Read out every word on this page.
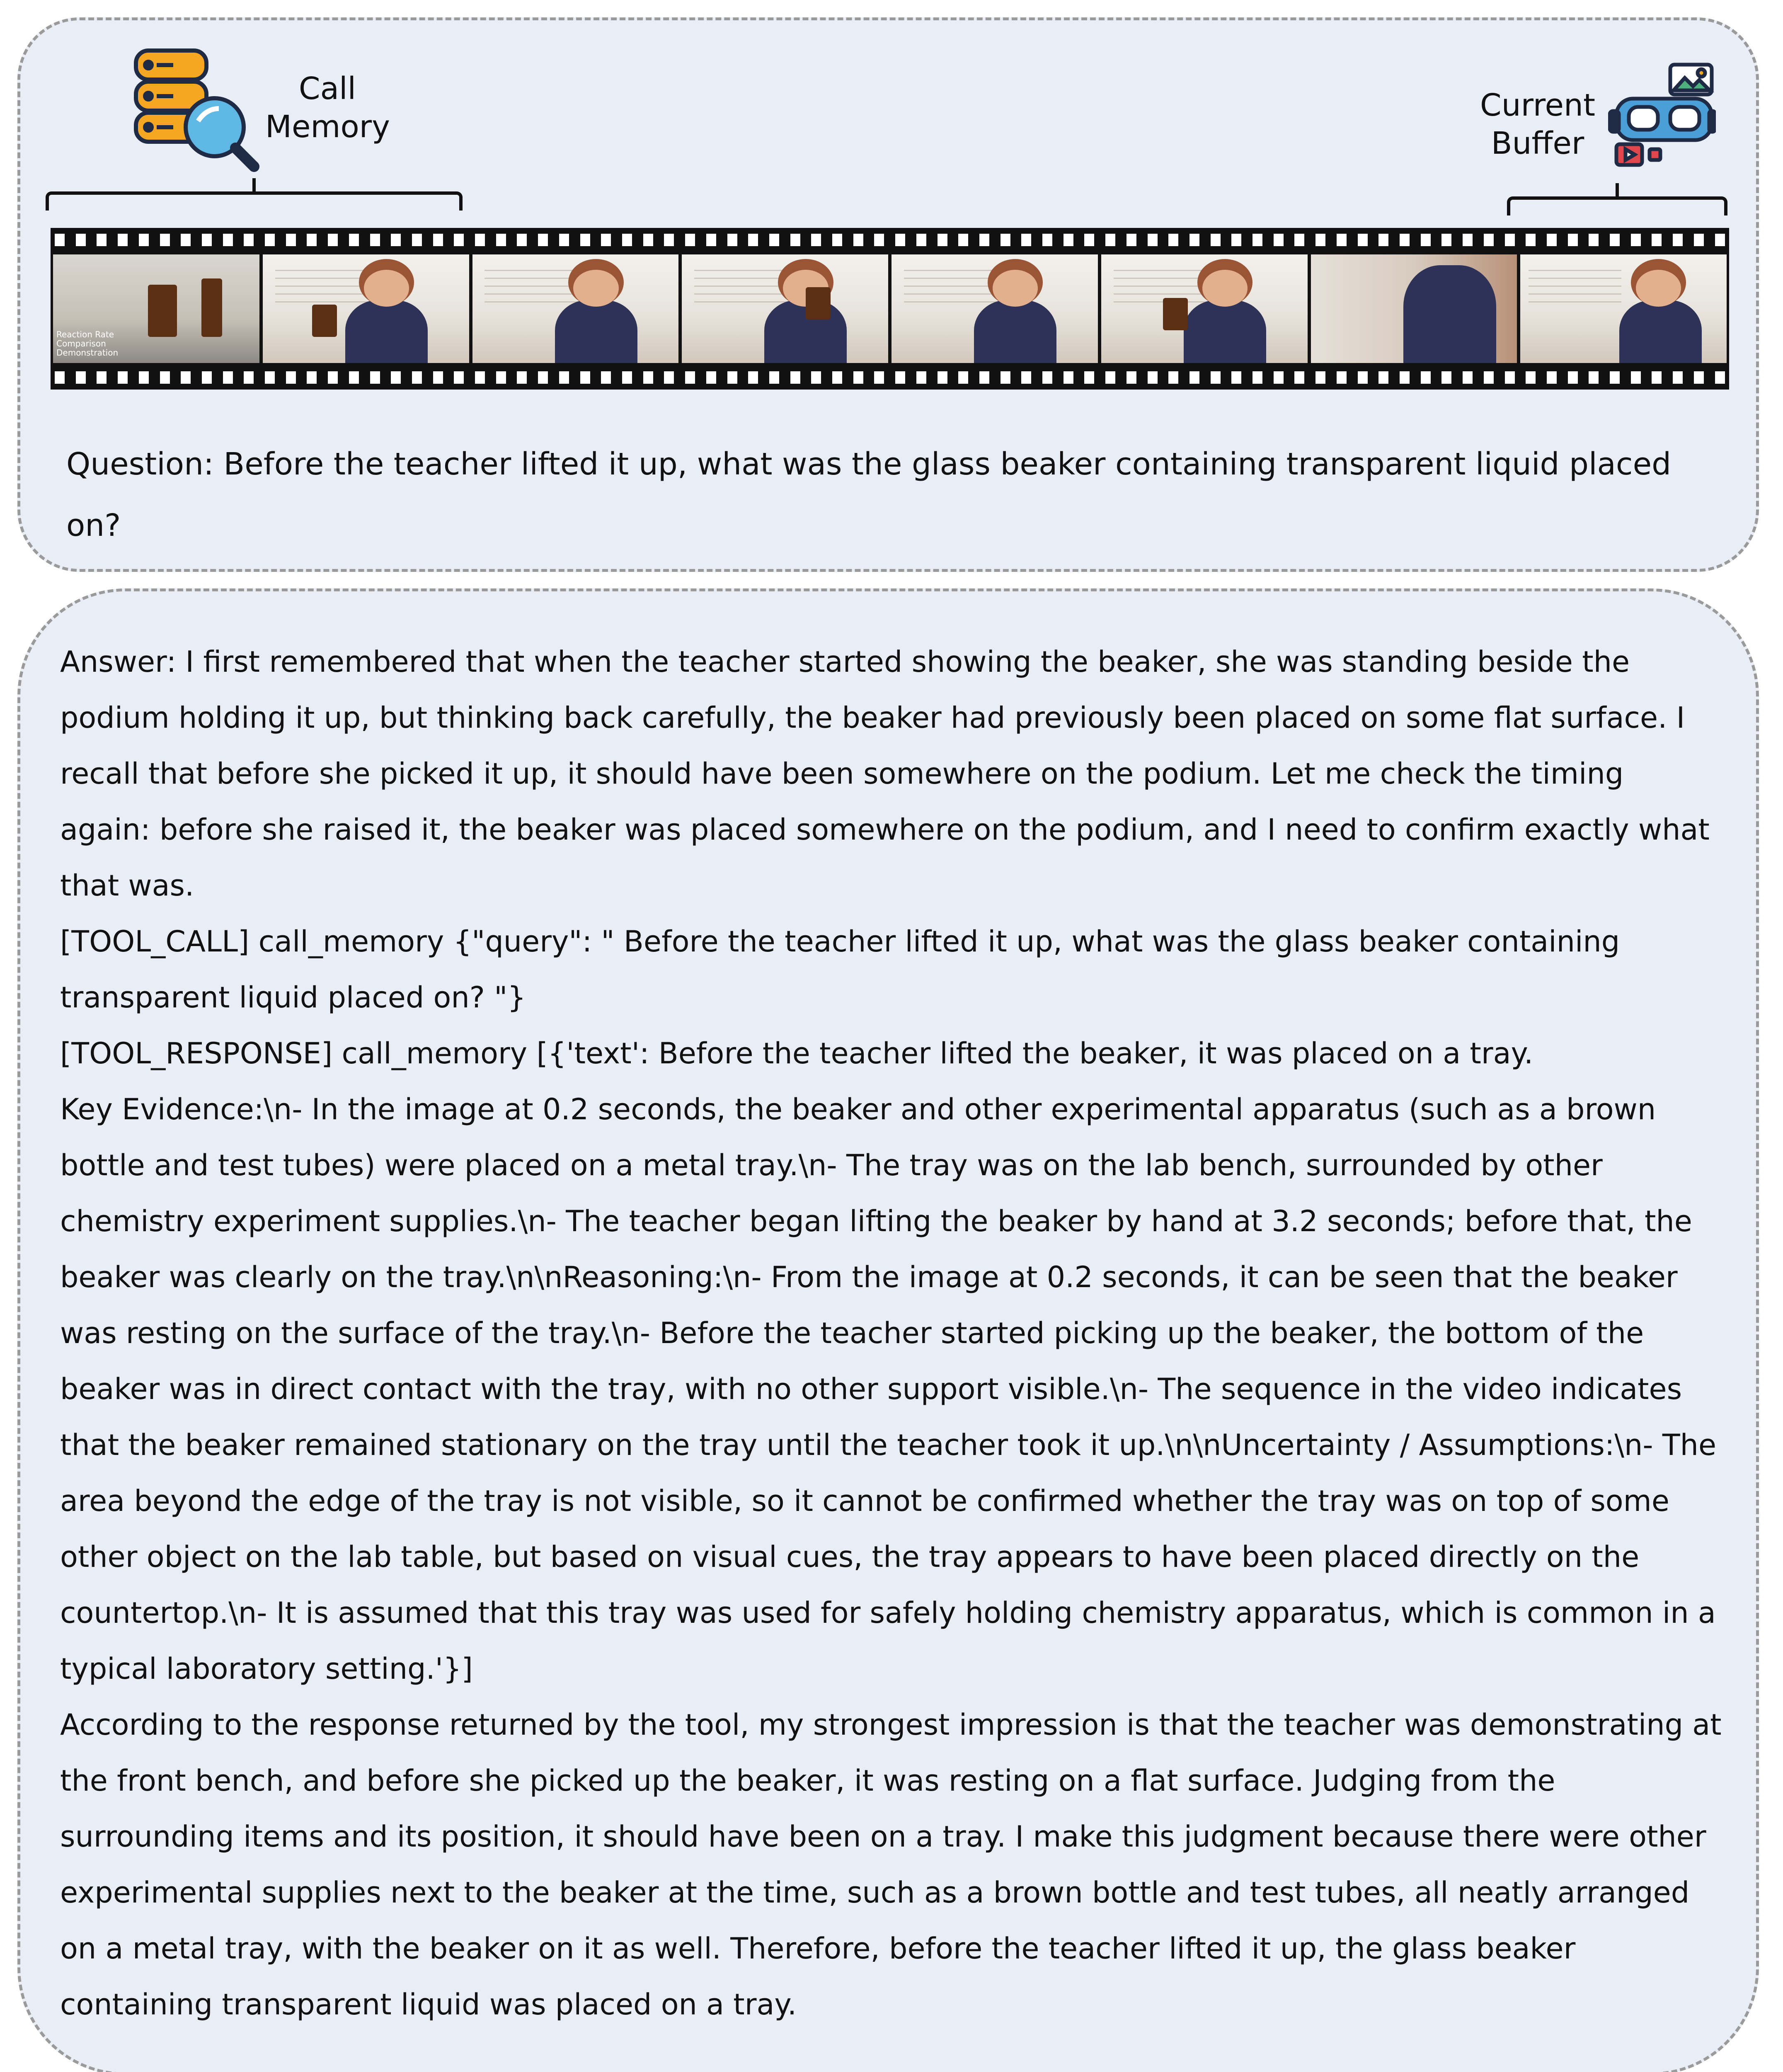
Call
Memory
Current
Buffer
Reaction Rate
Comparison
Demonstration
Question: Before the teacher lifted it up, what was the glass beaker containing transparent liquid placed on?
Answer: I first remembered that when the teacher started showing the beaker, she was standing beside the podium holding it up, but thinking back carefully, the beaker had previously been placed on some flat surface. I recall that before she picked it up, it should have been somewhere on the podium. Let me check the timing again: before she raised it, the beaker was placed somewhere on the podium, and I need to confirm exactly what that was.
[TOOL_CALL] call_memory {"query": " Before the teacher lifted it up, what was the glass beaker containing transparent liquid placed on? "}
[TOOL_RESPONSE] call_memory [{'text': Before the teacher lifted the beaker, it was placed on a tray.
Key Evidence:\n- In the image at 0.2 seconds, the beaker and other experimental apparatus (such as a brown bottle and test tubes) were placed on a metal tray.\n- The tray was on the lab bench, surrounded by other chemistry experiment supplies.\n- The teacher began lifting the beaker by hand at 3.2 seconds; before that, the beaker was clearly on the tray.\n\nReasoning:\n- From the image at 0.2 seconds, it can be seen that the beaker was resting on the surface of the tray.\n- Before the teacher started picking up the beaker, the bottom of the beaker was in direct contact with the tray, with no other support visible.\n- The sequence in the video indicates that the beaker remained stationary on the tray until the teacher took it up.\n\nUncertainty / Assumptions:\n- The area beyond the edge of the tray is not visible, so it cannot be confirmed whether the tray was on top of some other object on the lab table, but based on visual cues, the tray appears to have been placed directly on the countertop.\n- It is assumed that this tray was used for safely holding chemistry apparatus, which is common in a typical laboratory setting.'}]
According to the response returned by the tool, my strongest impression is that the teacher was demonstrating at the front bench, and before she picked up the beaker, it was resting on a flat surface. Judging from the surrounding items and its position, it should have been on a tray. I make this judgment because there were other experimental supplies next to the beaker at the time, such as a brown bottle and test tubes, all neatly arranged on a metal tray, with the beaker on it as well. Therefore, before the teacher lifted it up, the glass beaker containing transparent liquid was placed on a tray.
